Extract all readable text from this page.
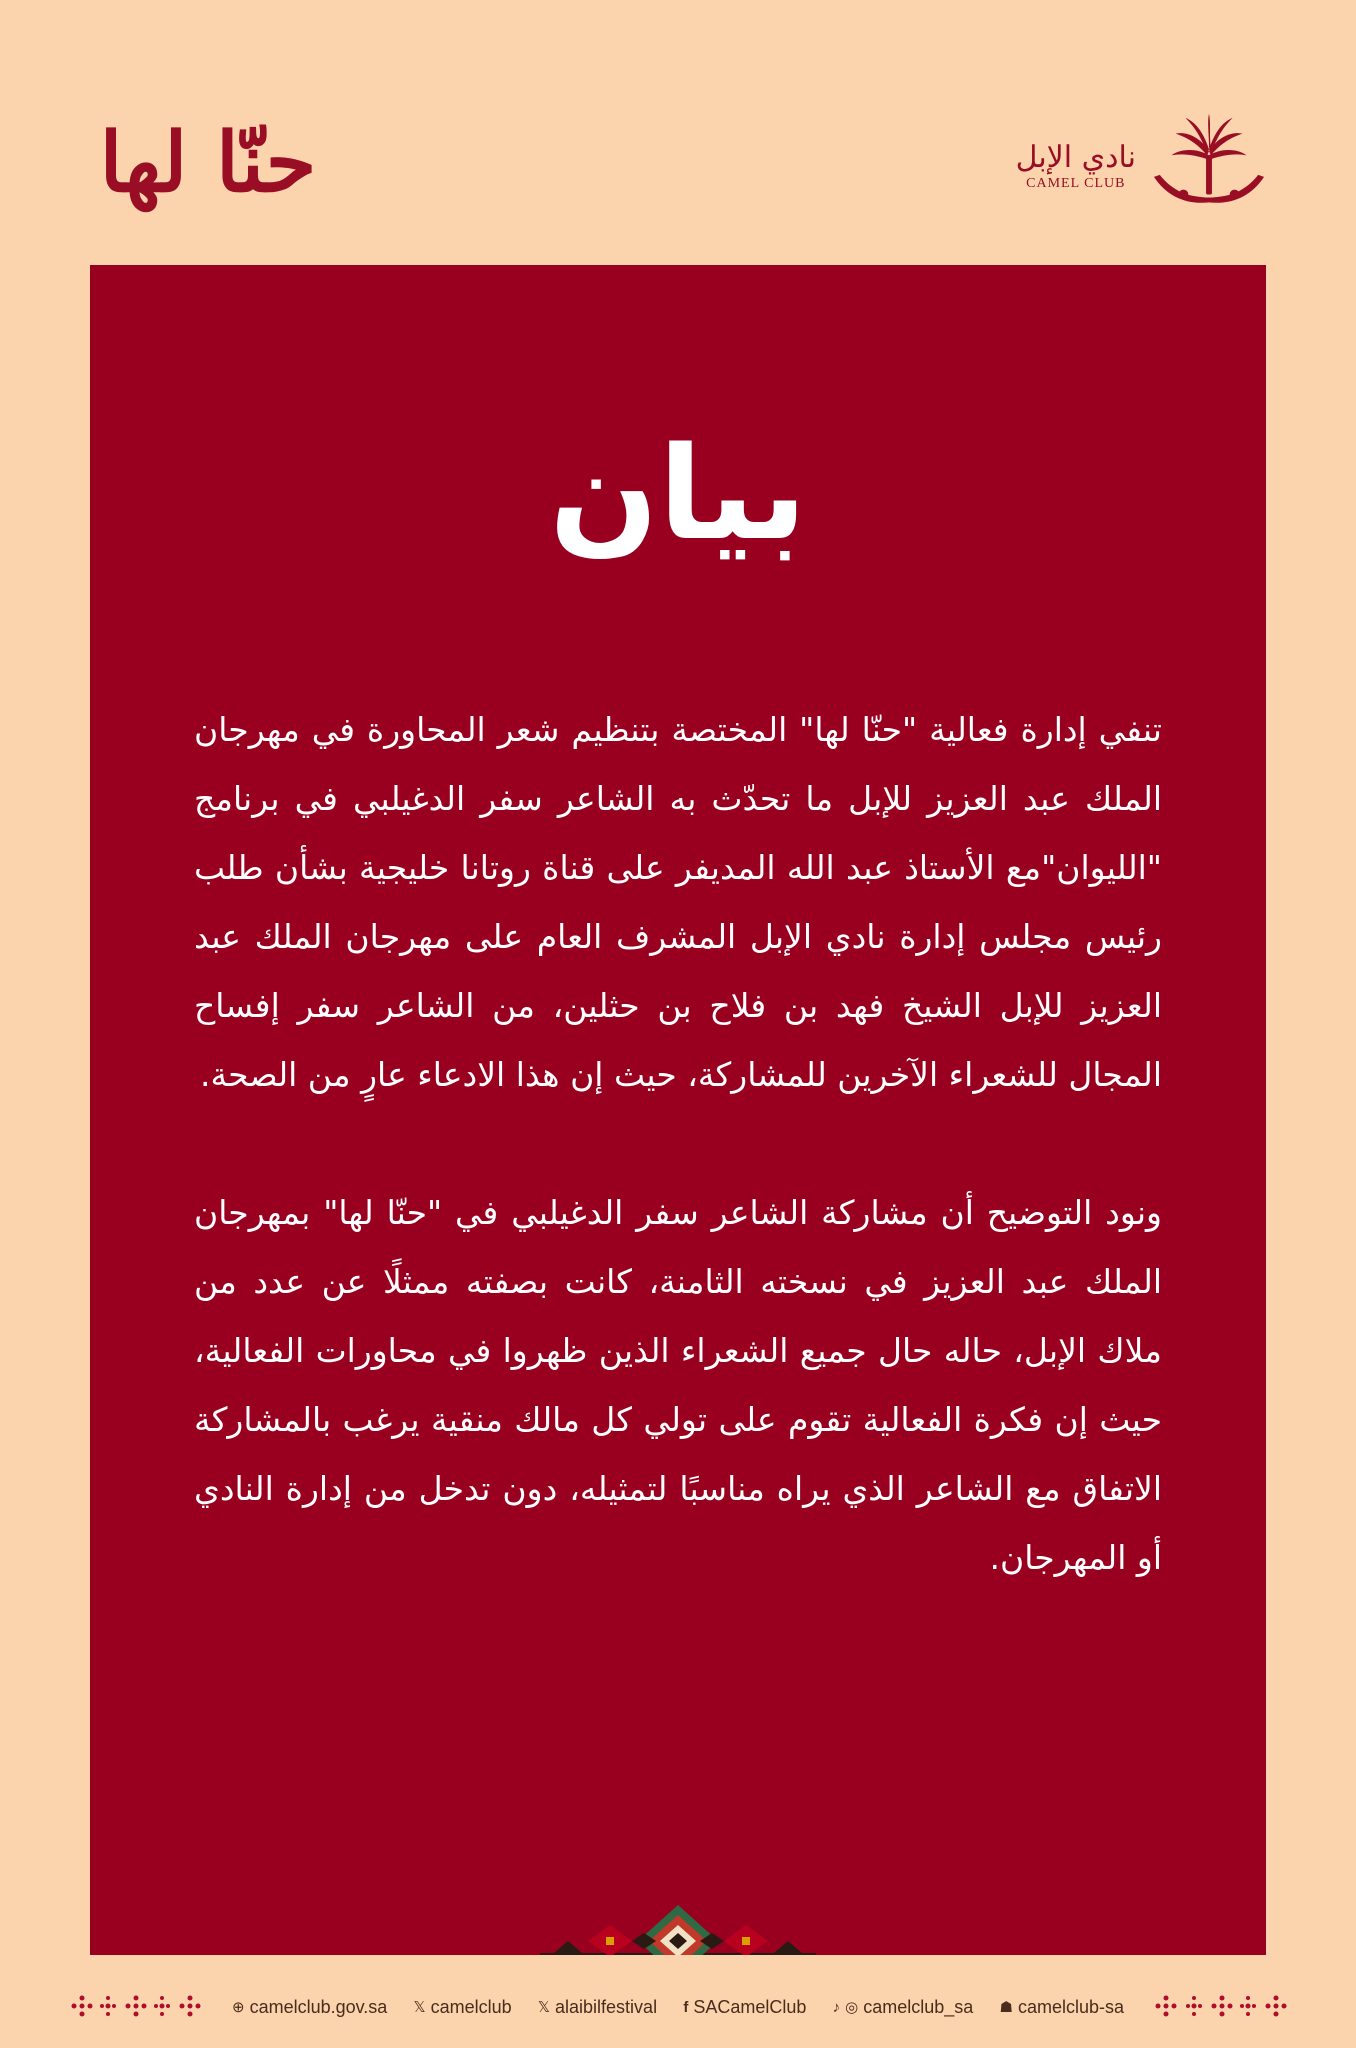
حنّا لها	نادي الإبل
CAMEL CLUB
بيان

تنفي إدارة فعالية "حنّا لها" المختصة بتنظيم شعر المحاورة في مهرجان الملك عبد العزيز للإبل ما تحدّث به الشاعر سفر الدغيلبي في برنامج "الليوان"مع الأستاذ عبد الله المديفر على قناة روتانا خليجية بشأن طلب رئيس مجلس إدارة نادي الإبل المشرف العام على مهرجان الملك عبد العزيز للإبل الشيخ فهد بن فلاح بن حثلين، من الشاعر سفر إفساح المجال للشعراء الآخرين للمشاركة، حيث إن هذا الادعاء عارٍ من الصحة.

ونود التوضيح أن مشاركة الشاعر سفر الدغيلبي في "حنّا لها" بمهرجان الملك عبد العزيز في نسخته الثامنة، كانت بصفته ممثلًا عن عدد من ملاك الإبل، حاله حال جميع الشعراء الذين ظهروا في محاورات الفعالية، حيث إن فكرة الفعالية تقوم على تولي كل مالك منقية يرغب بالمشاركة الاتفاق مع الشاعر الذي يراه مناسبًا لتمثيله، دون تدخل من إدارة النادي أو المهرجان.

⊕ camelclub.gov.sa 𝕏 camelclub 𝕏 alaibilfestival f SACamelClub ♪ ◎ camelclub_sa ☗ camelclub-sa
